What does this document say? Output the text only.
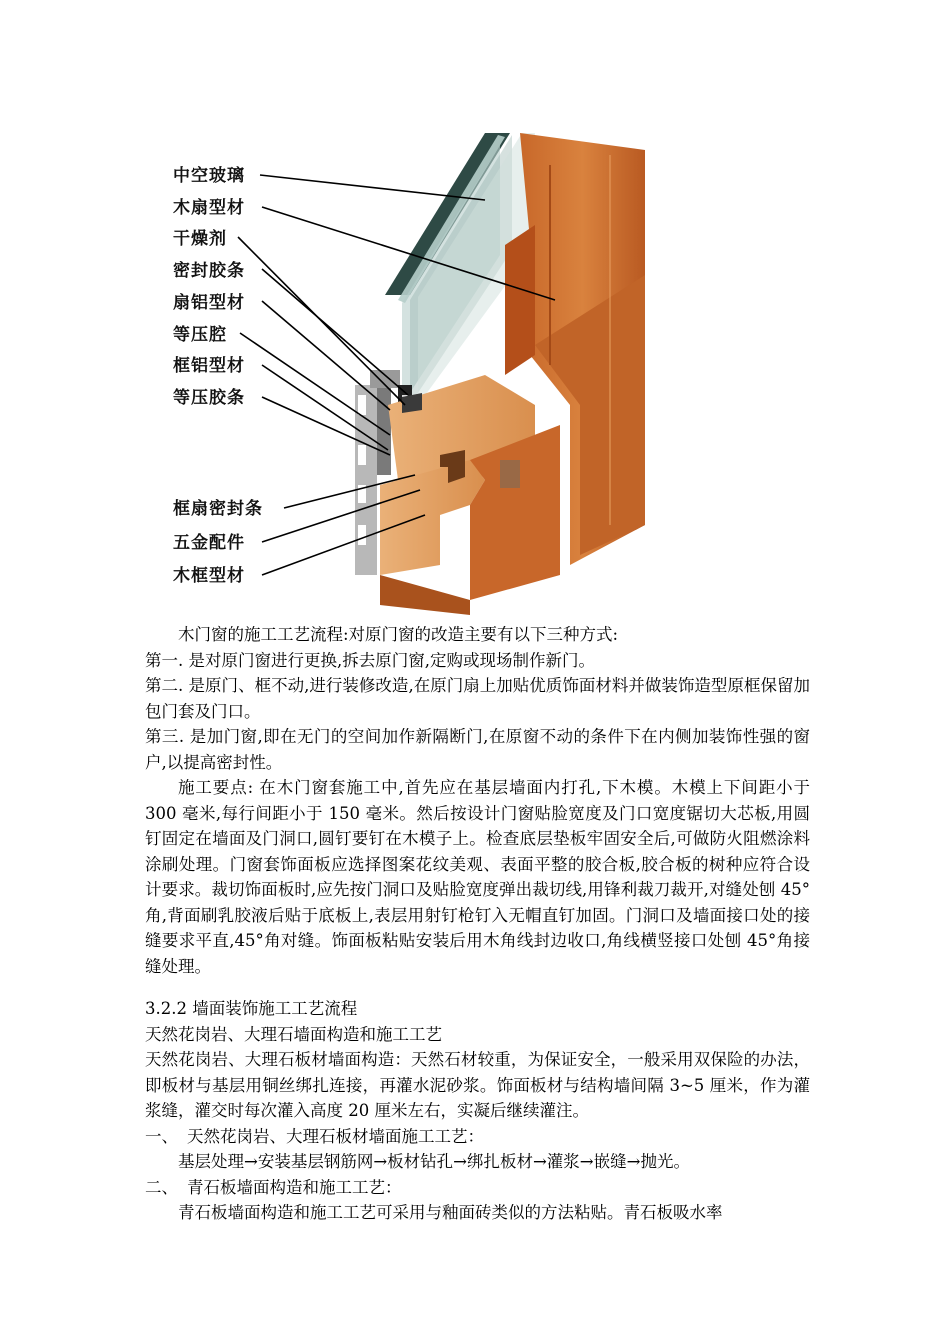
中空玻璃
木扇型材
干燥剂
密封胶条
扇铝型材
等压腔
框铝型材
等压胶条
框扇密封条
五金配件
木框型材

木门窗的施工工艺流程:对原门窗的改造主要有以下三种方式:

第一. 是对原门窗进行更换,拆去原门窗,定购或现场制作新门。

第二. 是原门、框不动,进行装修改造,在原门扇上加贴优质饰面材料并做装饰造型原框保留加包门套及门口。

第三. 是加门窗,即在无门的空间加作新隔断门,在原窗不动的条件下在内侧加装饰性强的窗户,以提高密封性。

施工要点: 在木门窗套施工中,首先应在基层墙面内打孔,下木模。木模上下间距小于 300 毫米,每行间距小于 150 毫米。然后按设计门窗贴脸宽度及门口宽度锯切大芯板,用圆钉固定在墙面及门洞口,圆钉要钉在木模子上。检查底层垫板牢固安全后,可做防火阻燃涂料涂刷处理。门窗套饰面板应选择图案花纹美观、表面平整的胶合板,胶合板的树种应符合设计要求。裁切饰面板时,应先按门洞口及贴脸宽度弹出裁切线,用锋利裁刀裁开,对缝处刨 45°角,背面刷乳胶液后贴于底板上,表层用射钉枪钉入无帽直钉加固。门洞口及墙面接口处的接缝要求平直,45°角对缝。饰面板粘贴安装后用木角线封边收口,角线横竖接口处刨 45°角接缝处理。

3.2.2 墙面装饰施工工艺流程

天然花岗岩、大理石墙面构造和施工工艺

天然花岗岩、大理石板材墙面构造：天然石材较重，为保证安全，一般采用双保险的办法，即板材与基层用铜丝绑扎连接，再灌水泥砂浆。饰面板材与结构墙间隔 3~5 厘米，作为灌浆缝，灌交时每次灌入高度 20 厘米左右，实凝后继续灌注。

一、 天然花岗岩、大理石板材墙面施工工艺：

基层处理→安装基层钢筋网→板材钻孔→绑扎板材→灌浆→嵌缝→抛光。

二、 青石板墙面构造和施工工艺：

青石板墙面构造和施工工艺可采用与釉面砖类似的方法粘贴。青石板吸水率
